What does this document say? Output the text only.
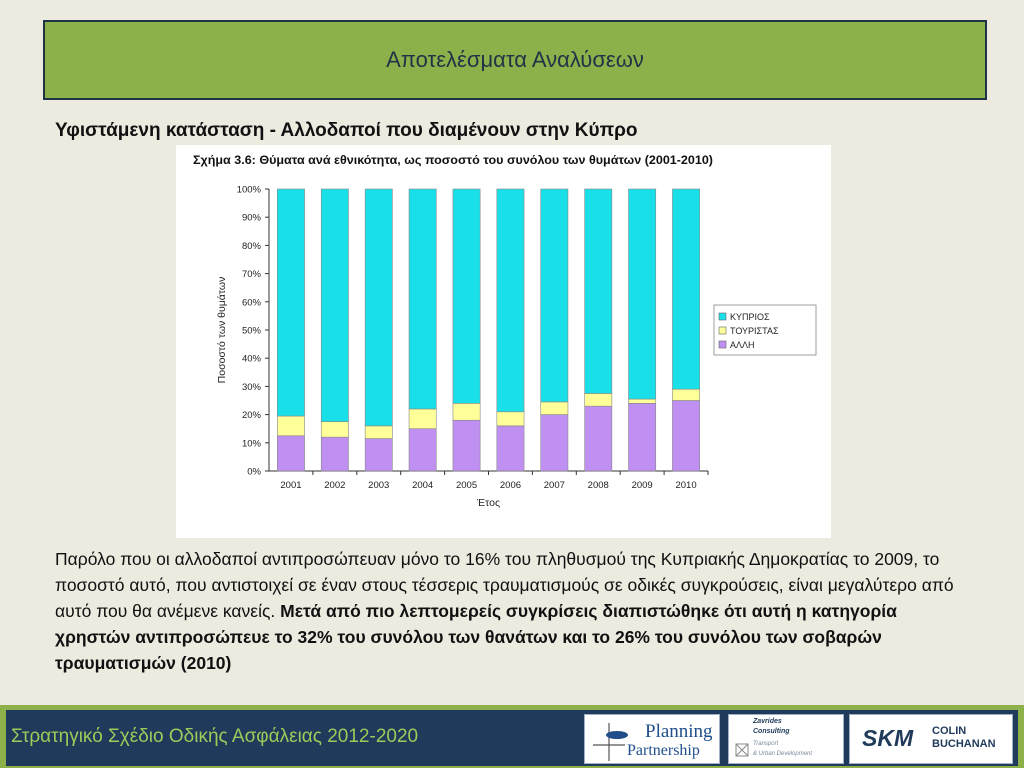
Αποτελέσματα Αναλύσεων
Υφιστάμενη κατάσταση - Αλλοδαποί που διαμένουν στην Κύπρο
Σχήμα 3.6: Θύματα ανά εθνικότητα, ως ποσοστό του συνόλου των θυμάτων (2001-2010)
0%
10%
20%
30%
40%
50%
60%
70%
80%
90%
100%
2001 2002 2003 2004 2005 2006 2007 2008 2009 2010
Έτος
Ποσοστό των θυμάτων	ΚΥΠΡΙΟΣ
ΤΟΥΡΙΣΤΑΣ
ΑΛΛΗ
Παρόλο που οι αλλοδαποί αντιπροσώπευαν μόνο το 16% του πληθυσμού της Κυπριακής Δημοκρατίας το 2009, το ποσοστό αυτό, που αντιστοιχεί σε έναν στους τέσσερις τραυματισμούς σε οδικές συγκρούσεις, είναι μεγαλύτερο από αυτό που θα ανέμενε κανείς. Μετά από πιο λεπτομερείς συγκρίσεις διαπιστώθηκε ότι αυτή η κατηγορία χρηστών αντιπροσώπευε το 32% του συνόλου των θανάτων και το 26% του συνόλου των σοβαρών τραυματισμών (2010)
Στρατηγικό Σχέδιο Οδικής Ασφάλειας 2012-2020	A.L.A. Planning
Partnership
Zavrides
Consulting
Transport
& Urban Development
SKM COLIN
BUCHANAN
